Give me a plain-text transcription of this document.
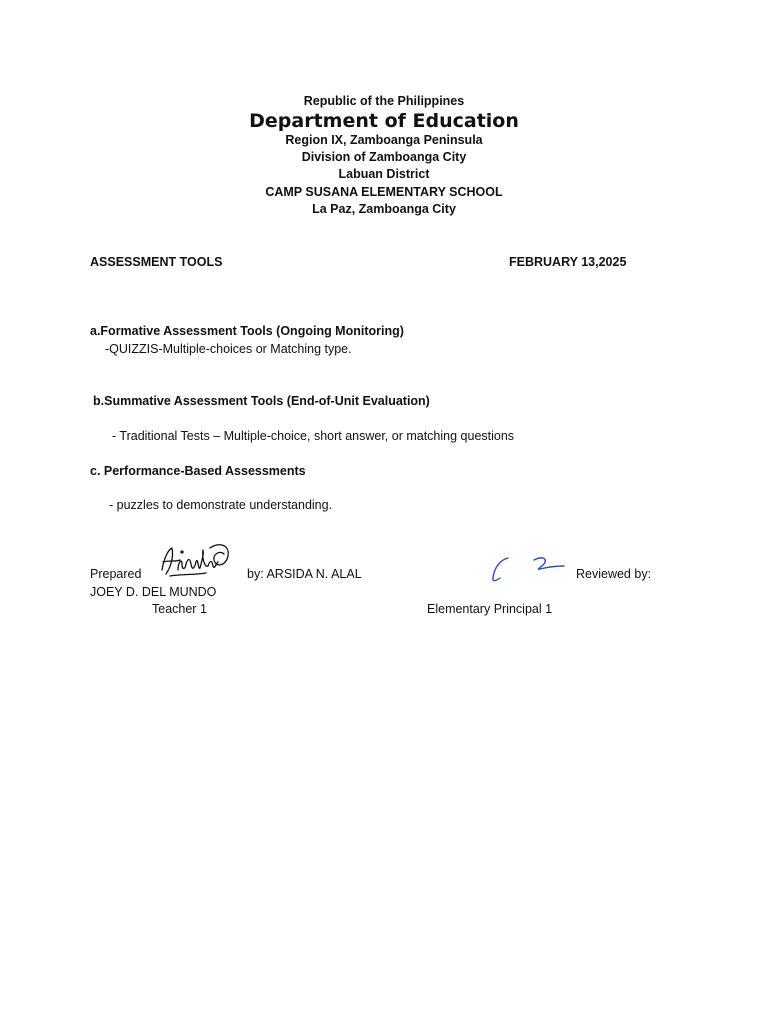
Republic of the Philippines
Department of Education
Region IX, Zamboanga Peninsula
Division of Zamboanga City
Labuan District
CAMP SUSANA ELEMENTARY SCHOOL
La Paz, Zamboanga City
ASSESSMENT TOOLS	FEBRUARY 13,2025
a.Formative Assessment Tools (Ongoing Monitoring)
-QUIZZIS-Multiple-choices or Matching type.
b.Summative Assessment Tools (End-of-Unit Evaluation)
- Traditional Tests – Multiple-choice, short answer, or matching questions
c. Performance-Based Assessments
- puzzles to demonstrate understanding.
Prepared	by: ARSIDA N. ALAL	Reviewed by:
JOEY D. DEL MUNDO
Teacher 1	Elementary Principal 1
